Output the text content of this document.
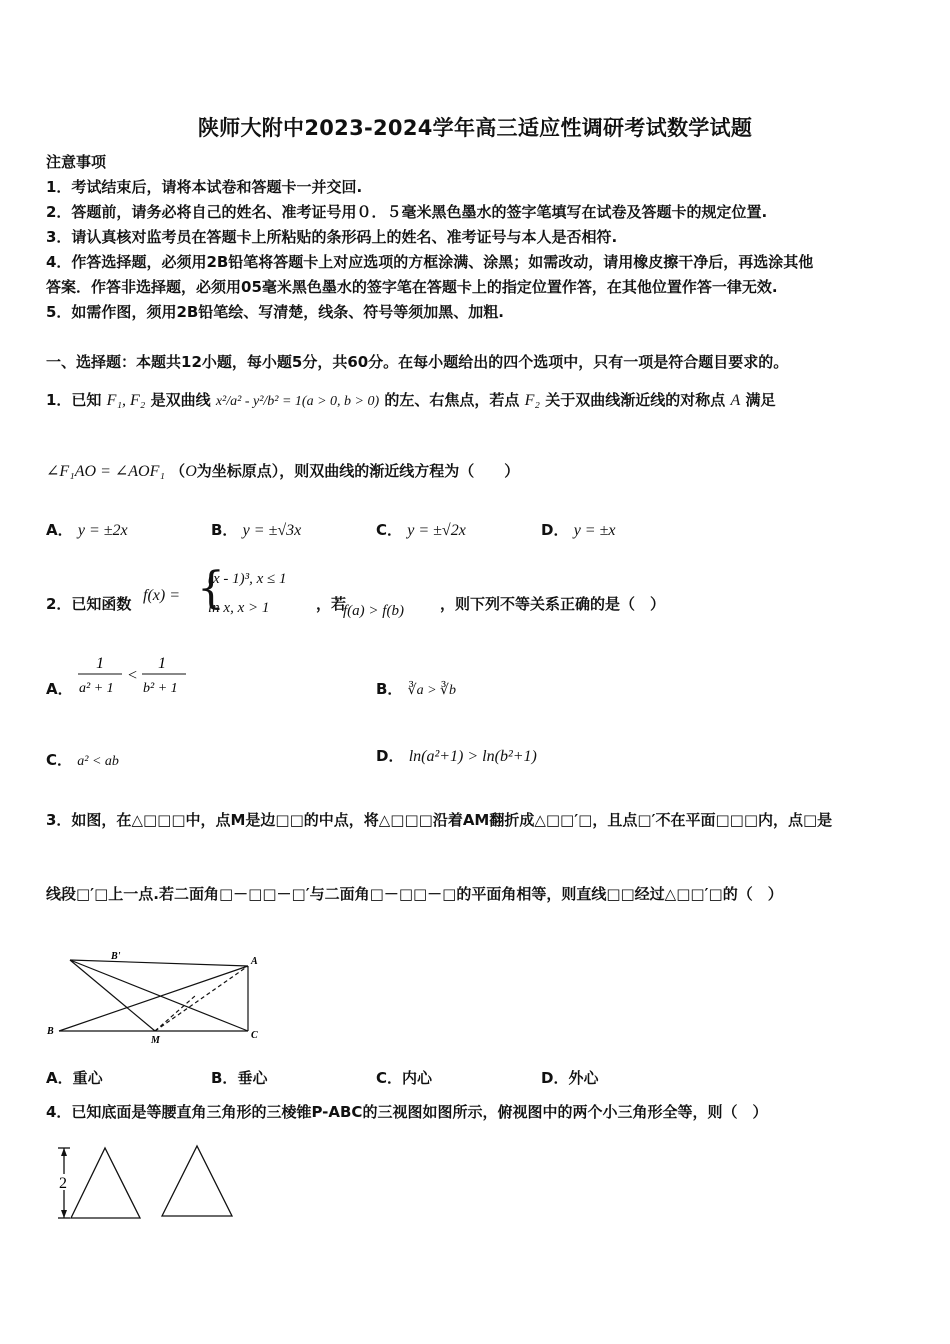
陕师大附中2023-2024学年高三适应性调研考试数学试题
注意事项
1．考试结束后，请将本试卷和答题卡一并交回.
2．答题前，请务必将自己的姓名、准考证号用０．５毫米黑色墨水的签字笔填写在试卷及答题卡的规定位置.
3．请认真核对监考员在答题卡上所粘贴的条形码上的姓名、准考证号与本人是否相符.
4．作答选择题，必须用2B铅笔将答题卡上对应选项的方框涂满、涂黑；如需改动，请用橡皮擦干净后，再选涂其他
答案．作答非选择题，必须用05毫米黑色墨水的签字笔在答题卡上的指定位置作答，在其他位置作答一律无效.
5．如需作图，须用2B铅笔绘、写清楚，线条、符号等须加黑、加粗.
一、选择题：本题共12小题，每小题5分，共60分。在每小题给出的四个选项中，只有一项是符合题目要求的。
1．已知 F₁, F₂ 是双曲线 x²/a² - y²/b² = 1(a > 0, b > 0) 的左、右焦点，若点 F₂ 关于双曲线渐近线的对称点 A 满足
∠F₁AO = ∠AOF₁ （O为坐标原点），则双曲线的渐近线方程为（　　）
A． y = ±2x	B． y = ±√3x	C． y = ±√2x	D． y = ±x
2．已知函数 f(x) = {
(x - 1)³, x ≤ 1
ln x, x > 1	，若
f(a) > f(b) ，则下列不等关系正确的是（　）
A．
1
a² + 1
<
1
b² + 1	B． ∛a > ∛b
C． a² < ab	D． ln(a²+1) > ln(b²+1)
3．如图，在△□□□中，点M是边□□的中点，将△□□□沿着AM翻折成△□□′□，且点□′不在平面□□□内，点□是
线段□′□上一点.若二面角□－□□－□′与二面角□－□□－□的平面角相等，则直线□□经过△□□′□的（　）
B'	A
B
M	C
A．重心	B．垂心	C．内心	D．外心
4．已知底面是等腰直角三角形的三棱锥P-ABC的三视图如图所示，俯视图中的两个小三角形全等，则（　）
2
